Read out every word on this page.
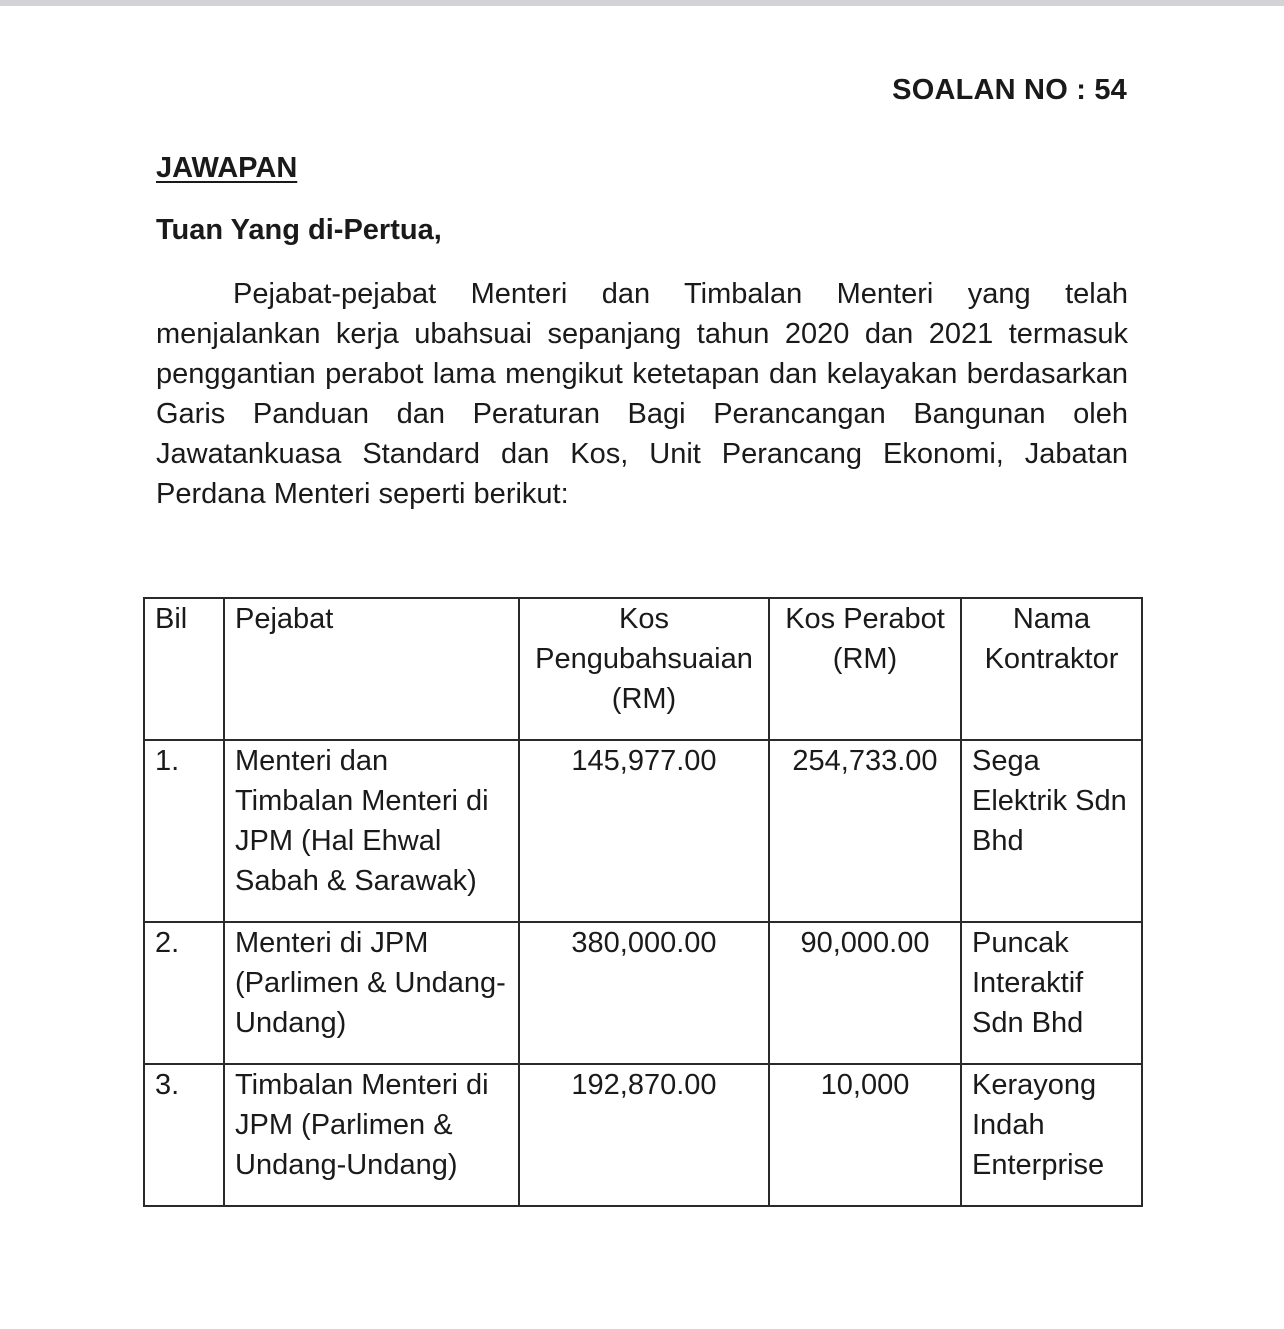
SOALAN NO : 54
JAWAPAN
Tuan Yang di-Pertua,
Pejabat-pejabat Menteri dan Timbalan Menteri yang telah menjalankan kerja ubahsuai sepanjang tahun 2020 dan 2021 termasuk penggantian perabot lama mengikut ketetapan dan kelayakan berdasarkan Garis Panduan dan Peraturan Bagi Perancangan Bangunan oleh Jawatankuasa Standard dan Kos, Unit Perancang Ekonomi, Jabatan Perdana Menteri seperti berikut:
Bil	Pejabat	Kos Pengubahsuaian (RM)	Kos Perabot (RM)	Nama Kontraktor
1.	Menteri dan Timbalan Menteri di JPM (Hal Ehwal Sabah & Sarawak)	145,977.00	254,733.00	Sega Elektrik Sdn Bhd
2.	Menteri di JPM (Parlimen & Undang-Undang)	380,000.00	90,000.00	Puncak Interaktif Sdn Bhd
3.	Timbalan Menteri di JPM (Parlimen & Undang-Undang)	192,870.00	10,000	Kerayong Indah Enterprise
